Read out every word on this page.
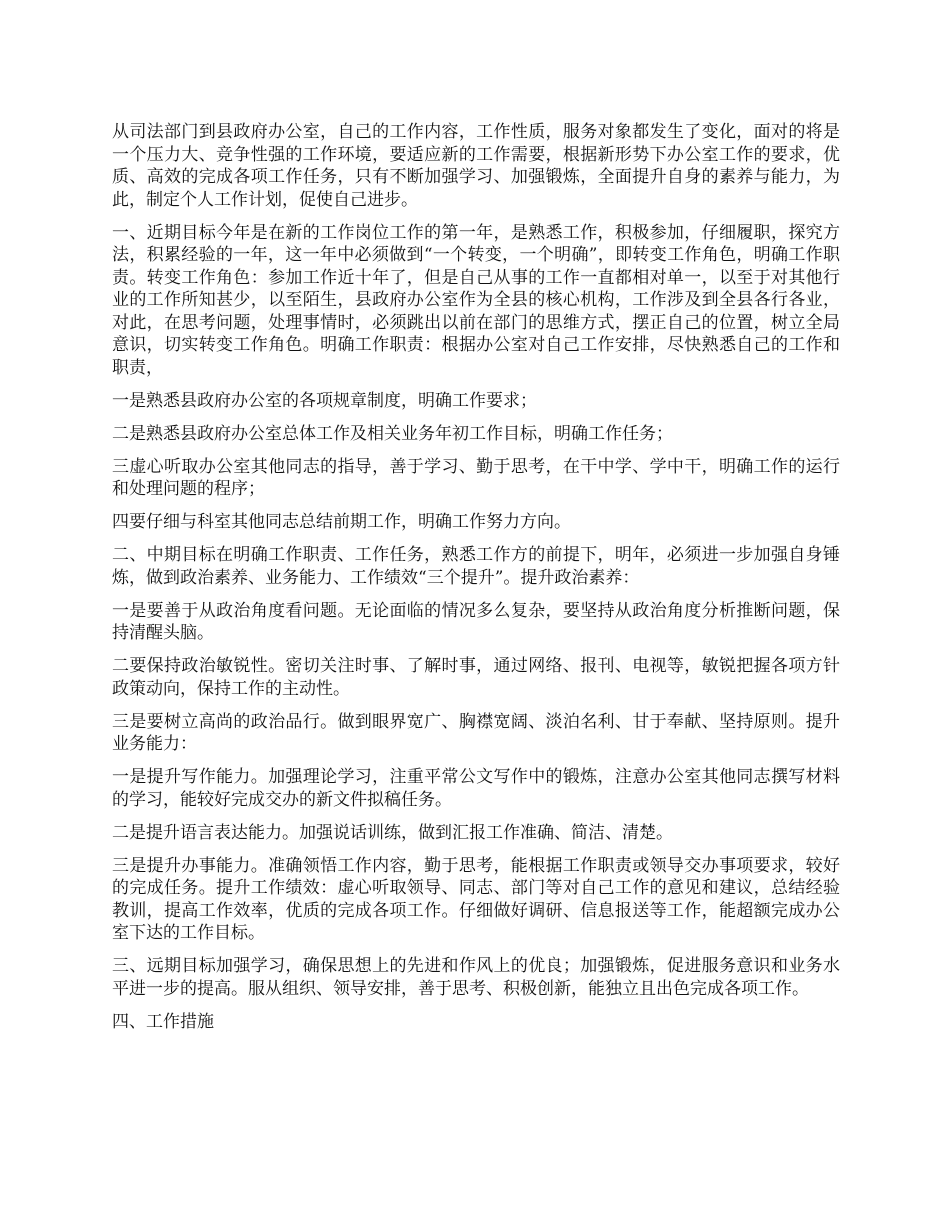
从司法部门到县政府办公室，自己的工作内容，工作性质，服务对象都发生了变化，面对的将是一个压力大、竞争性强的工作环境，要适应新的工作需要，根据新形势下办公室工作的要求，优质、高效的完成各项工作任务，只有不断加强学习、加强锻炼，全面提升自身的素养与能力，为此，制定个人工作计划，促使自己进步。

一、近期目标今年是在新的工作岗位工作的第一年，是熟悉工作，积极参加，仔细履职，探究方法，积累经验的一年，这一年中必须做到“一个转变，一个明确”，即转变工作角色，明确工作职责。转变工作角色：参加工作近十年了，但是自己从事的工作一直都相对单一，以至于对其他行业的工作所知甚少，以至陌生，县政府办公室作为全县的核心机构，工作涉及到全县各行各业，对此，在思考问题，处理事情时，必须跳出以前在部门的思维方式，摆正自己的位置，树立全局意识，切实转变工作角色。明确工作职责：根据办公室对自己工作安排，尽快熟悉自己的工作和职责，

一是熟悉县政府办公室的各项规章制度，明确工作要求；

二是熟悉县政府办公室总体工作及相关业务年初工作目标，明确工作任务；

三虚心听取办公室其他同志的指导，善于学习、勤于思考，在干中学、学中干，明确工作的运行和处理问题的程序；

四要仔细与科室其他同志总结前期工作，明确工作努力方向。

二、中期目标在明确工作职责、工作任务，熟悉工作方的前提下，明年，必须进一步加强自身锤炼，做到政治素养、业务能力、工作绩效“三个提升”。提升政治素养：

一是要善于从政治角度看问题。无论面临的情况多么复杂，要坚持从政治角度分析推断问题，保持清醒头脑。

二要保持政治敏锐性。密切关注时事、了解时事，通过网络、报刊、电视等，敏锐把握各项方针政策动向，保持工作的主动性。

三是要树立高尚的政治品行。做到眼界宽广、胸襟宽阔、淡泊名利、甘于奉献、坚持原则。提升业务能力：

一是提升写作能力。加强理论学习，注重平常公文写作中的锻炼，注意办公室其他同志撰写材料的学习，能较好完成交办的新文件拟稿任务。

二是提升语言表达能力。加强说话训练，做到汇报工作准确、简洁、清楚。

三是提升办事能力。准确领悟工作内容，勤于思考，能根据工作职责或领导交办事项要求，较好的完成任务。提升工作绩效：虚心听取领导、同志、部门等对自己工作的意见和建议，总结经验教训，提高工作效率，优质的完成各项工作。仔细做好调研、信息报送等工作，能超额完成办公室下达的工作目标。

三、远期目标加强学习，确保思想上的先进和作风上的优良；加强锻炼，促进服务意识和业务水平进一步的提高。服从组织、领导安排，善于思考、积极创新，能独立且出色完成各项工作。

四、工作措施
